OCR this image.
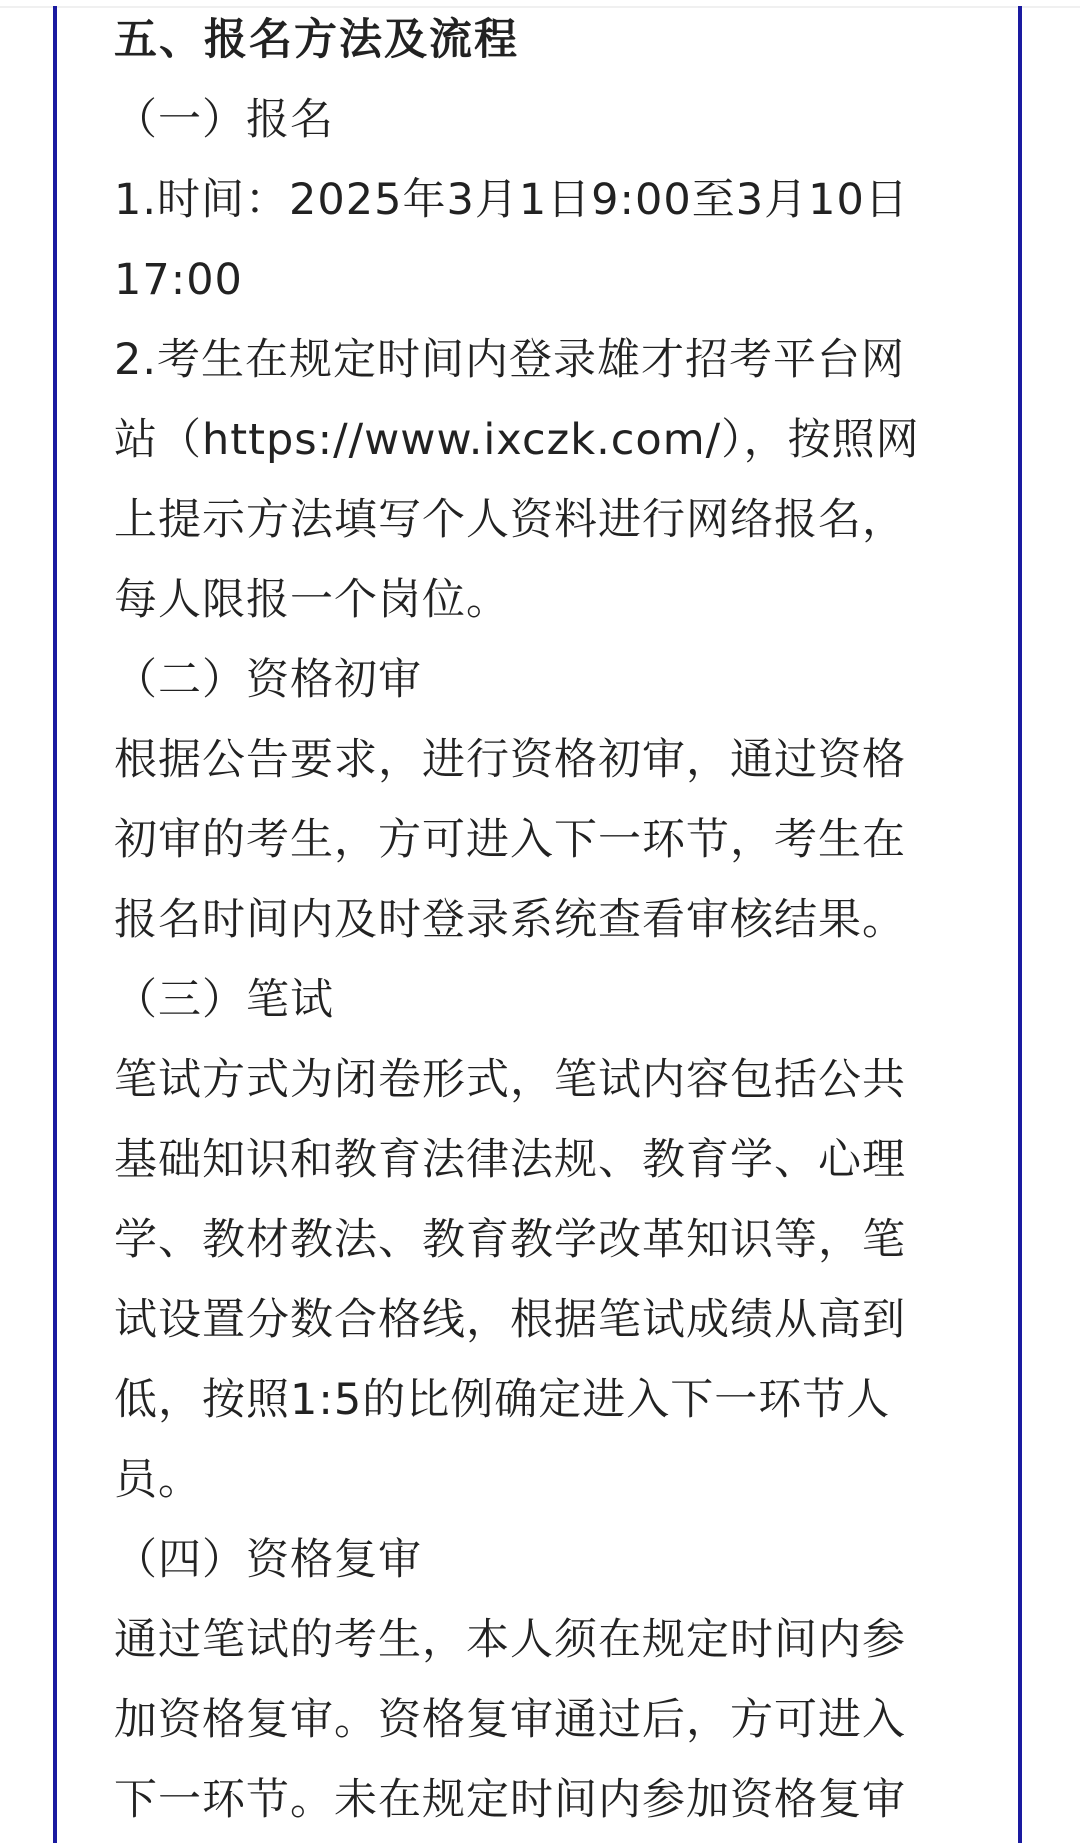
五、报名方法及流程

（一）报名

1.时间：2025年3月1日9:00至3月10日

17:00

2.考生在规定时间内登录雄才招考平台网

站（https://www.ixczk.com/），按照网

上提示方法填写个人资料进行网络报名，

每人限报一个岗位。

（二）资格初审

根据公告要求，进行资格初审，通过资格

初审的考生，方可进入下一环节，考生在

报名时间内及时登录系统查看审核结果。

（三）笔试

笔试方式为闭卷形式，笔试内容包括公共

基础知识和教育法律法规、教育学、心理

学、教材教法、教育教学改革知识等，笔

试设置分数合格线，根据笔试成绩从高到

低，按照1:5的比例确定进入下一环节人

员。

（四）资格复审

通过笔试的考生，本人须在规定时间内参

加资格复审。资格复审通过后，方可进入

下一环节。未在规定时间内参加资格复审
